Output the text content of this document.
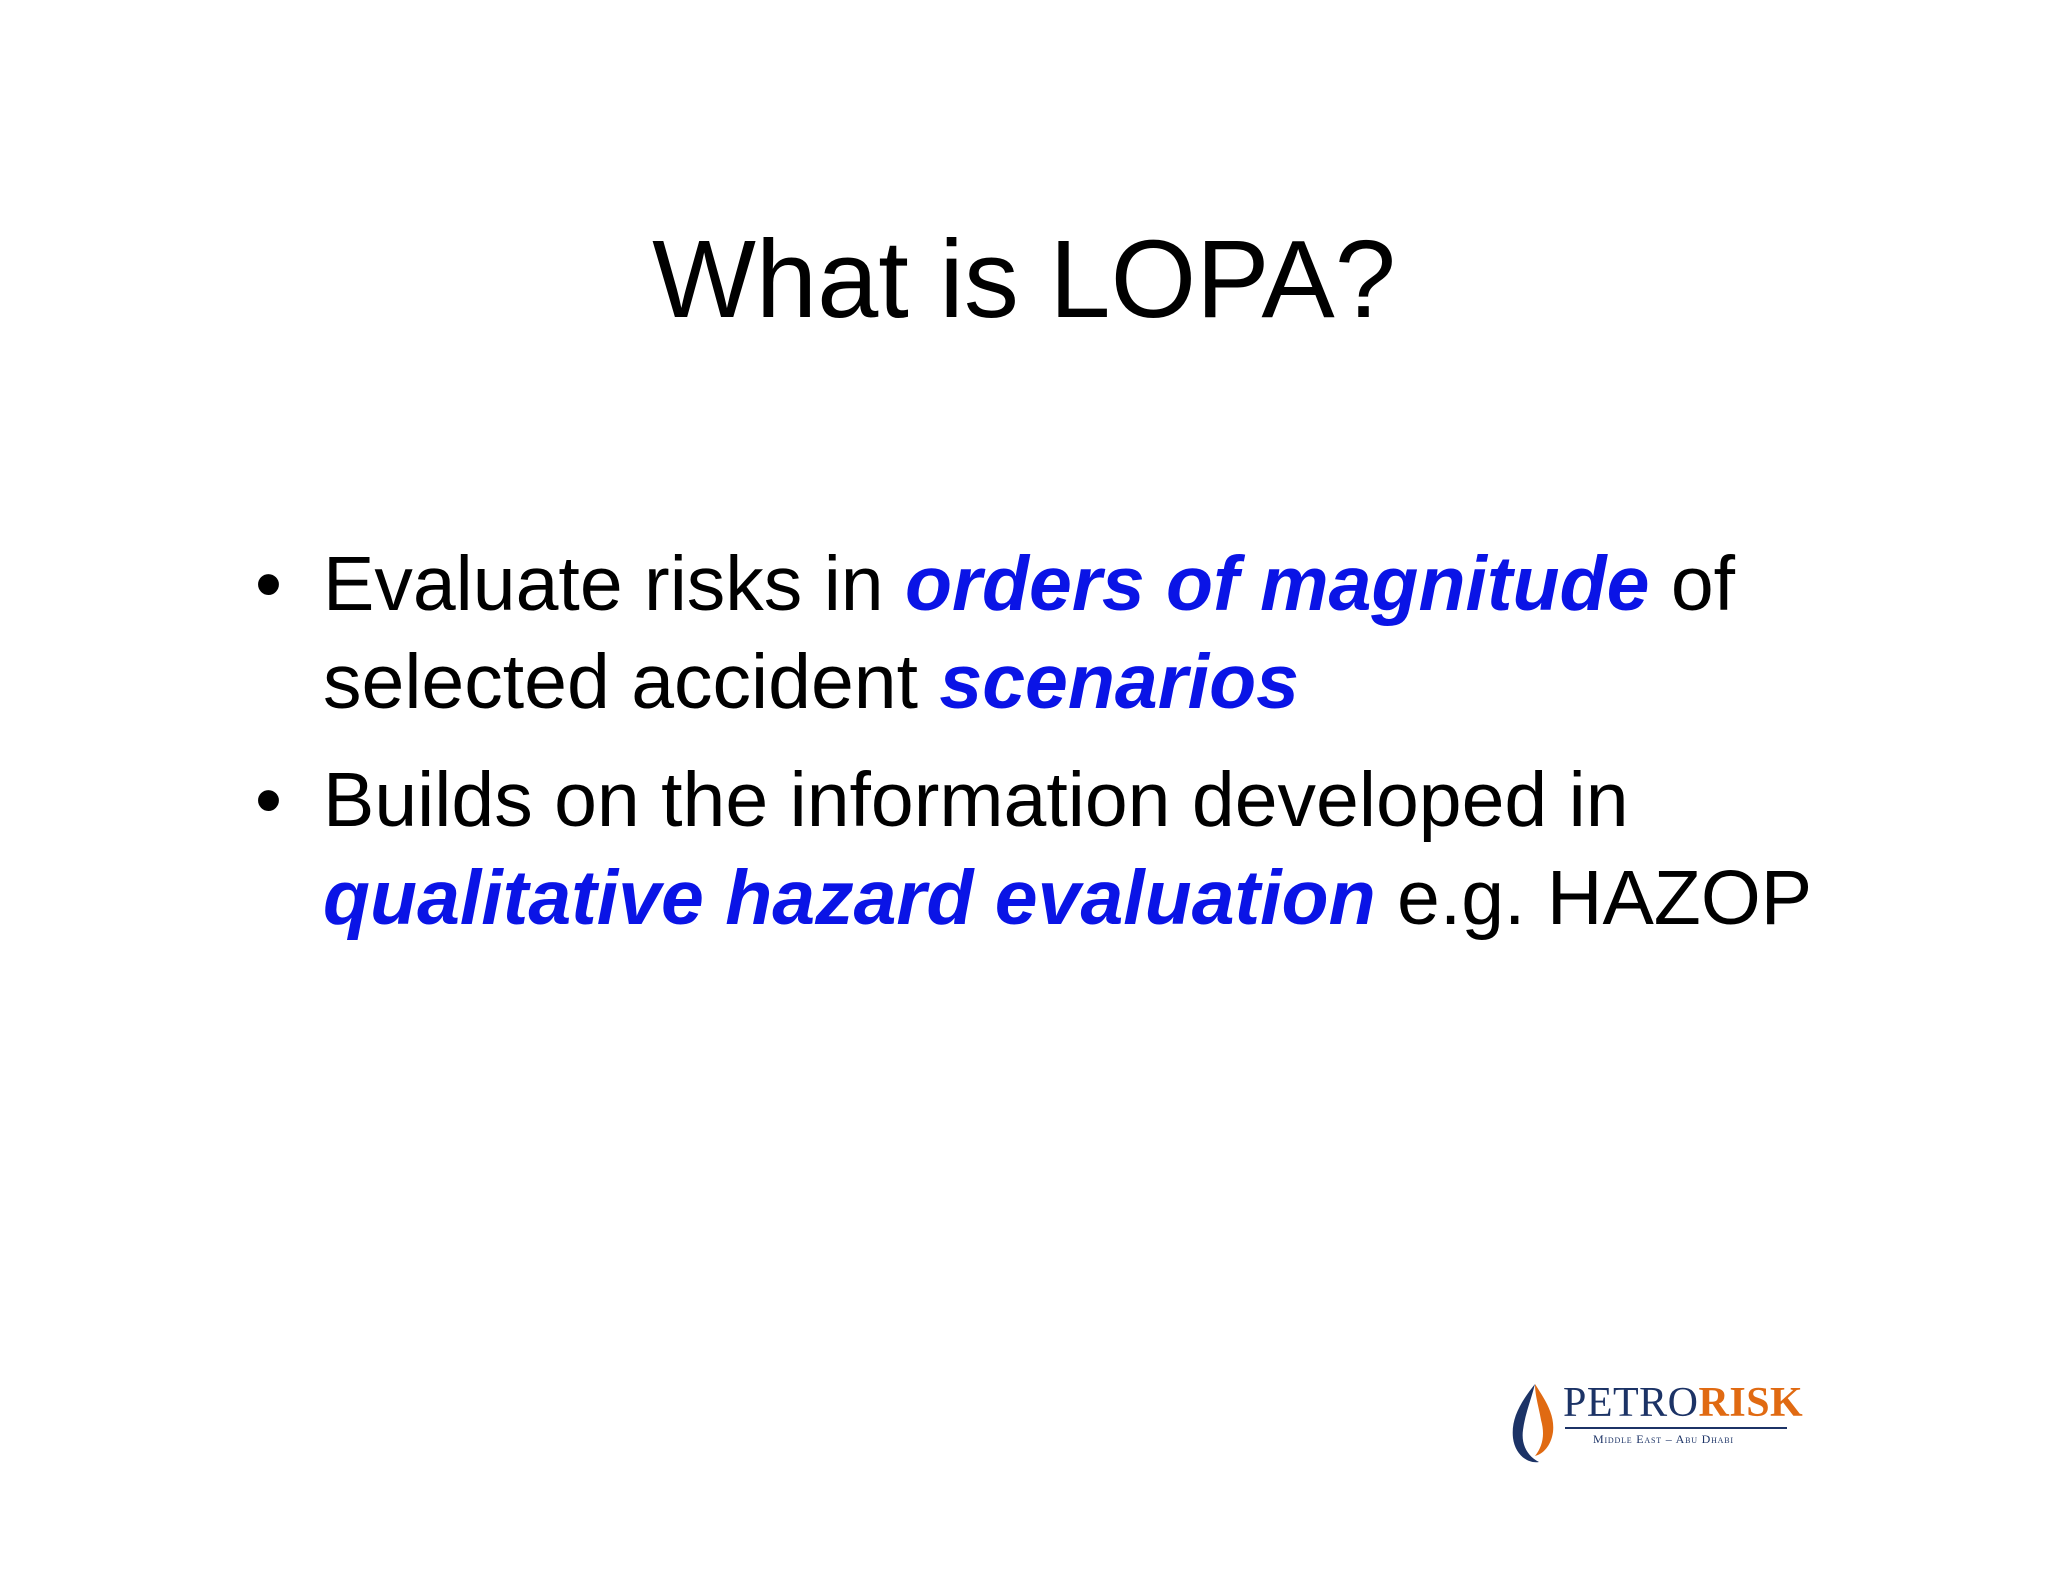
What is LOPA?
• Evaluate risks in orders of magnitude of selected accident scenarios
• Builds on the information developed in qualitative hazard evaluation e.g. HAZOP
PETRORISK
Middle East – Abu Dhabi
